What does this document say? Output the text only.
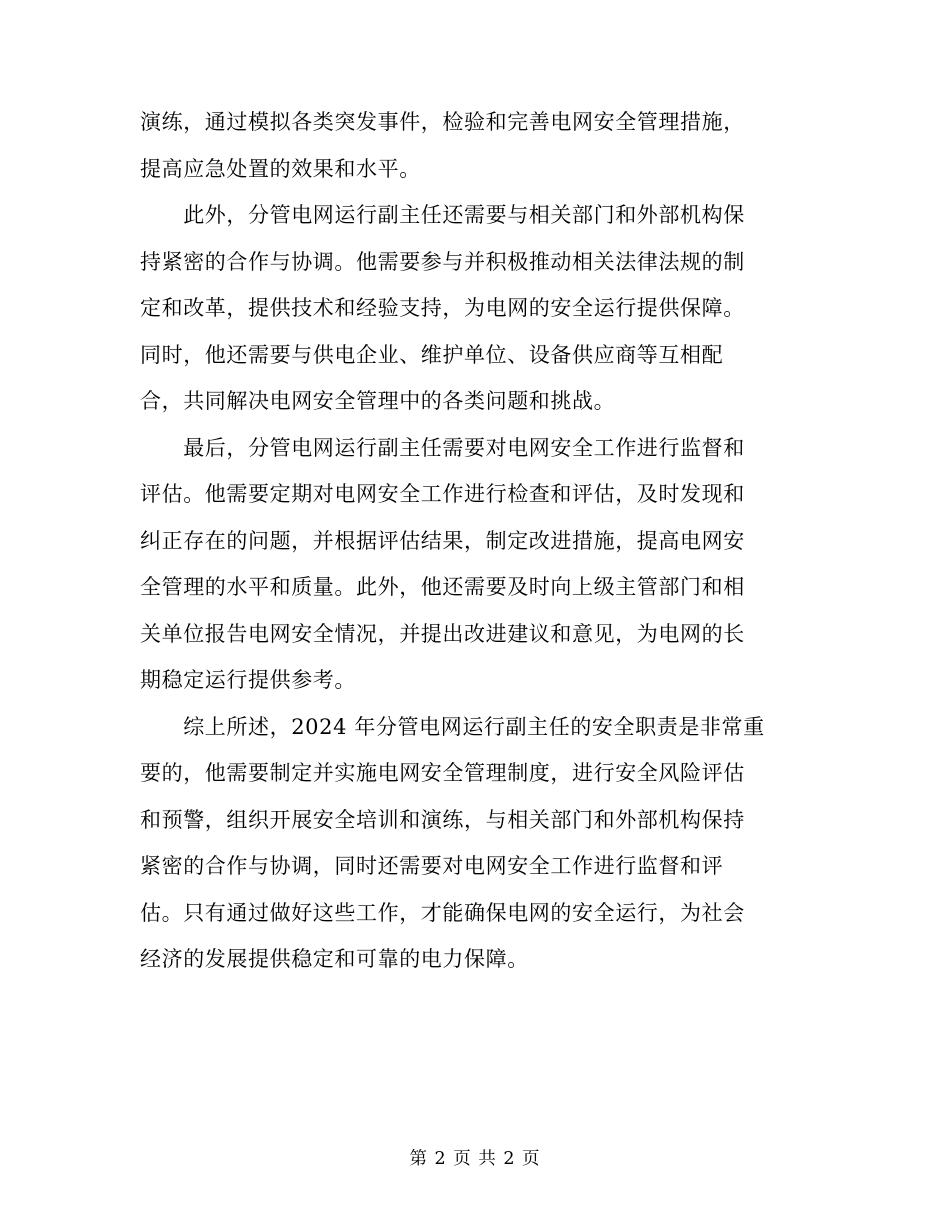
演练，通过模拟各类突发事件，检验和完善电网安全管理措施，
提高应急处置的效果和水平。
　　此外，分管电网运行副主任还需要与相关部门和外部机构保
持紧密的合作与协调。他需要参与并积极推动相关法律法规的制
定和改革，提供技术和经验支持，为电网的安全运行提供保障。
同时，他还需要与供电企业、维护单位、设备供应商等互相配
合，共同解决电网安全管理中的各类问题和挑战。
　　最后，分管电网运行副主任需要对电网安全工作进行监督和
评估。他需要定期对电网安全工作进行检查和评估，及时发现和
纠正存在的问题，并根据评估结果，制定改进措施，提高电网安
全管理的水平和质量。此外，他还需要及时向上级主管部门和相
关单位报告电网安全情况，并提出改进建议和意见，为电网的长
期稳定运行提供参考。
　　综上所述，2024 年分管电网运行副主任的安全职责是非常重
要的，他需要制定并实施电网安全管理制度，进行安全风险评估
和预警，组织开展安全培训和演练，与相关部门和外部机构保持
紧密的合作与协调，同时还需要对电网安全工作进行监督和评
估。只有通过做好这些工作，才能确保电网的安全运行，为社会
经济的发展提供稳定和可靠的电力保障。
第 2 页 共 2 页
